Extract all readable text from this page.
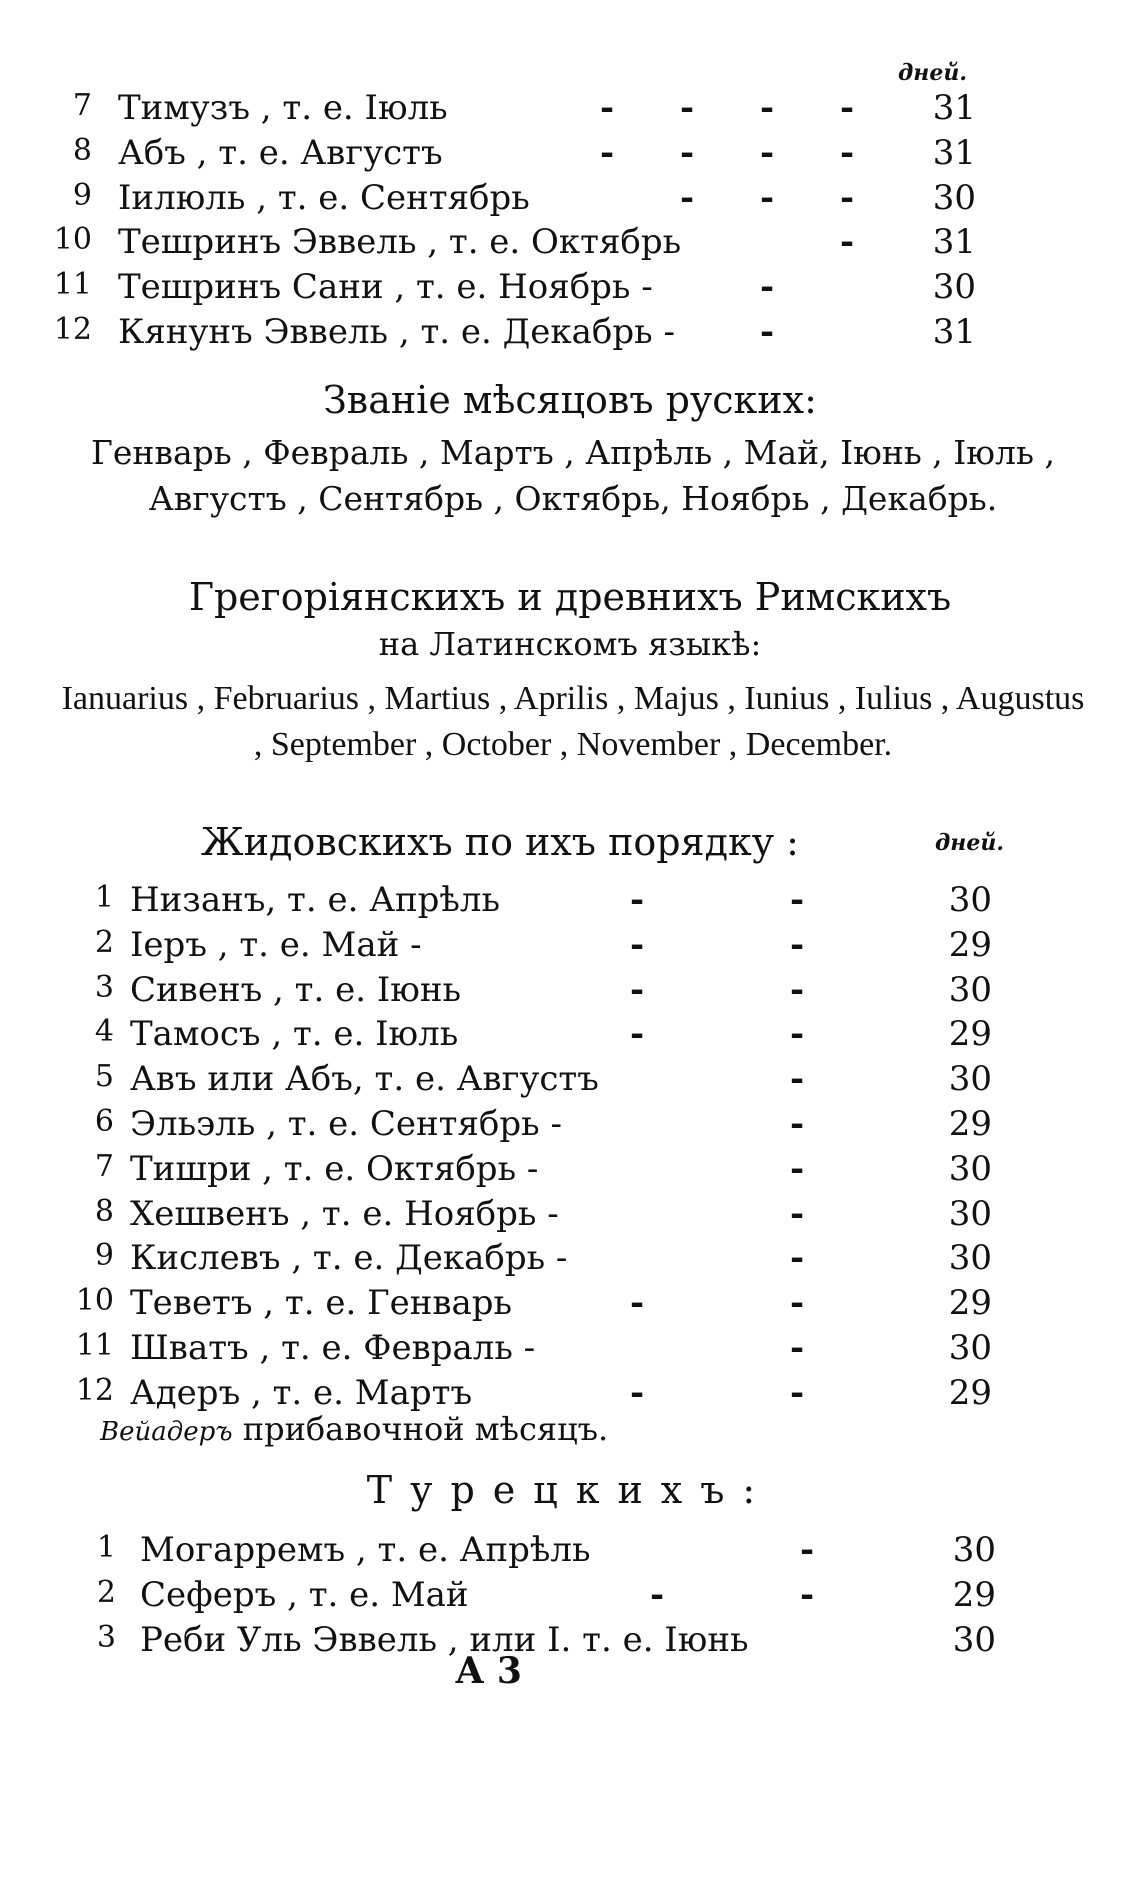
дней.
7 Тимузъ , т. е. Іюль	- - - -	31
8 Абъ , т. е. Августъ	- - - -	31
9 Іилюль , т. е. Сентябрь	- - -	30
10 Тешринъ Эввель , т. е. Октябрь	-	31
11 Тешринъ Сани , т. е. Ноябрь -	-	30
12 Кянунъ Эввель , т. е. Декабрь -	-	31
Званіе мѣсяцовъ руских:
Генварь , Февраль , Мартъ , Апрѣль , Май, Іюнь , Іюль , Августъ , Сентябрь , Октябрь, Ноябрь , Декабрь.
Грегоріянскихъ и древнихъ Римскихъ
на Латинскомъ языкѣ:
Ianuarius , Februarius , Martius , Aprilis , Majus , Iunius , Iulius , Augustus , September , October , November , December.
Жидовскихъ по ихъ порядку :	дней.
1 Низанъ, т. е. Апрѣль	-	-	30
2 Іеръ , т. е. Май -	-	-	29
3 Сивенъ , т. е. Іюнь	-	-	30
4 Тамосъ , т. е. Іюль	-	-	29
5 Авъ или Абъ, т. е. Августъ	-	30
6 Эльэль , т. е. Сентябрь -	-	29
7 Тишри , т. е. Октябрь -	-	30
8 Хешвенъ , т. е. Ноябрь -	-	30
9 Кислевъ , т. е. Декабрь -	-	30
10 Теветъ , т. е. Генварь	-	-	29
11 Шватъ , т. е. Февраль -	-	30
12 Адеръ , т. е. Мартъ	-	-	29
Вейадеръ прибавочной мѣсяцъ.
Турецкихъ:
1 Могарремъ , т. е. Апрѣль	-	30
2 Сеферъ , т. е. Май	-	-	29
3 Реби Уль Эввель , или I. т. е. Іюнь	30
А 3
